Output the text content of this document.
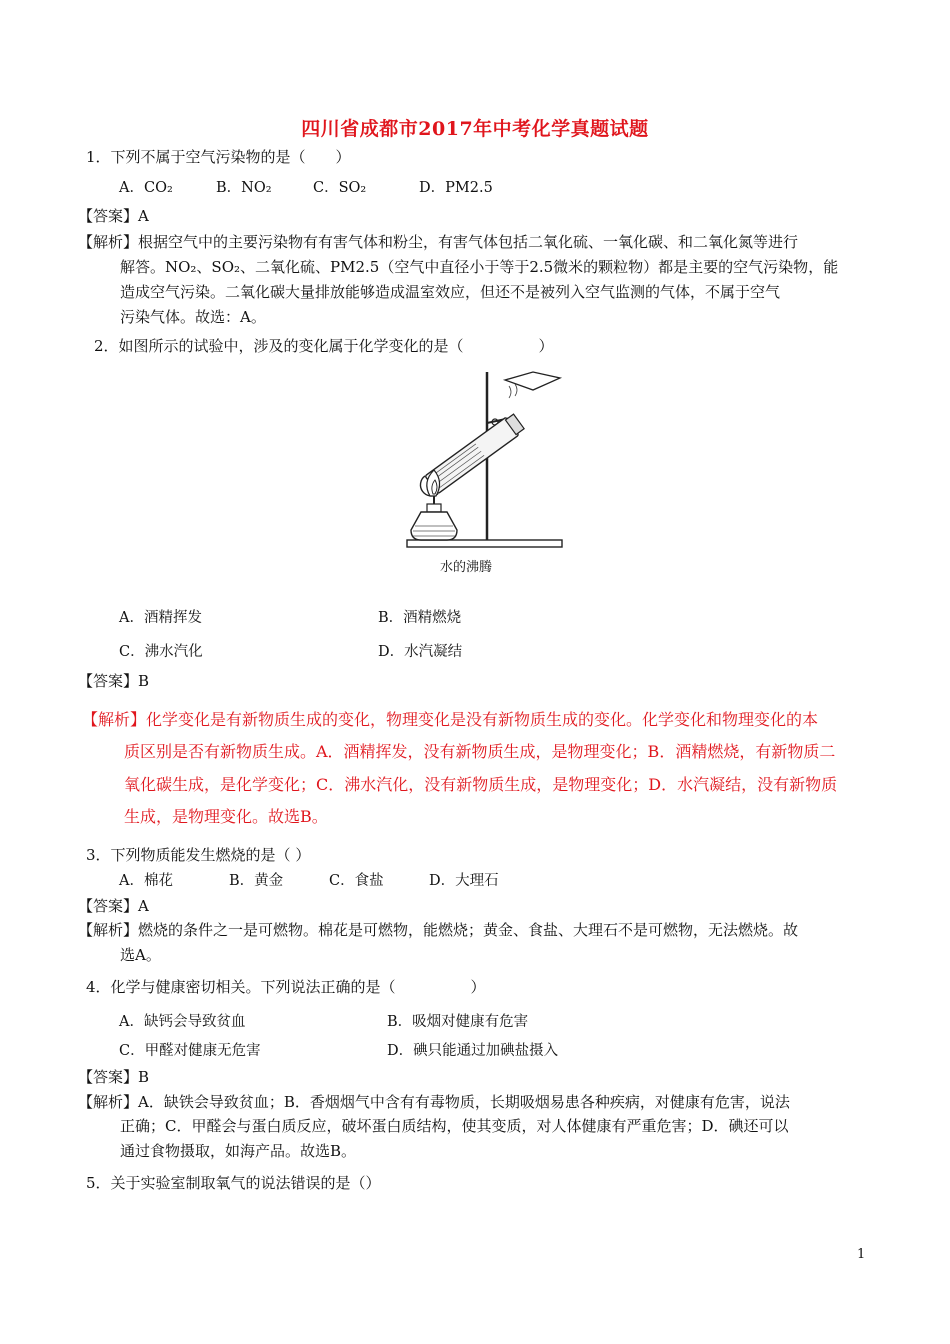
四川省成都市2017年中考化学真题试题
1．下列不属于空气污染物的是（　　）
A．CO₂	B．NO₂	C．SO₂	D．PM2.5
【答案】A
【解析】根据空气中的主要污染物有有害气体和粉尘，有害气体包括二氧化硫、一氧化碳、和二氧化氮等进行
解答。NO₂、SO₂、二氧化硫、PM2.5（空气中直径小于等于2.5微米的颗粒物）都是主要的空气污染物，能
造成空气污染。二氧化碳大量排放能够造成温室效应，但还不是被列入空气监测的气体，不属于空气
污染气体。故选：A。
2．如图所示的试验中，涉及的变化属于化学变化的是（　　　　　）
水的沸腾
A．酒精挥发	B．酒精燃烧
C．沸水汽化	D．水汽凝结
【答案】B
【解析】化学变化是有新物质生成的变化，物理变化是没有新物质生成的变化。化学变化和物理变化的本
质区别是否有新物质生成。A．酒精挥发，没有新物质生成，是物理变化；B．酒精燃烧，有新物质二
氧化碳生成，是化学变化；C．沸水汽化，没有新物质生成，是物理变化；D．水汽凝结，没有新物质
生成，是物理变化。故选B。
3．下列物质能发生燃烧的是（ ）
A．棉花	B．黄金	C．食盐	D．大理石
【答案】A
【解析】燃烧的条件之一是可燃物。棉花是可燃物，能燃烧；黄金、食盐、大理石不是可燃物，无法燃烧。故
选A。
4．化学与健康密切相关。下列说法正确的是（　　　　　）
A．缺钙会导致贫血	B．吸烟对健康有危害
C．甲醛对健康无危害	D．碘只能通过加碘盐摄入
【答案】B
【解析】A．缺铁会导致贫血；B．香烟烟气中含有有毒物质，长期吸烟易患各种疾病，对健康有危害，说法
正确；C．甲醛会与蛋白质反应，破坏蛋白质结构，使其变质，对人体健康有严重危害；D．碘还可以
通过食物摄取，如海产品。故选B。
5．关于实验室制取氧气的说法错误的是（）
1
